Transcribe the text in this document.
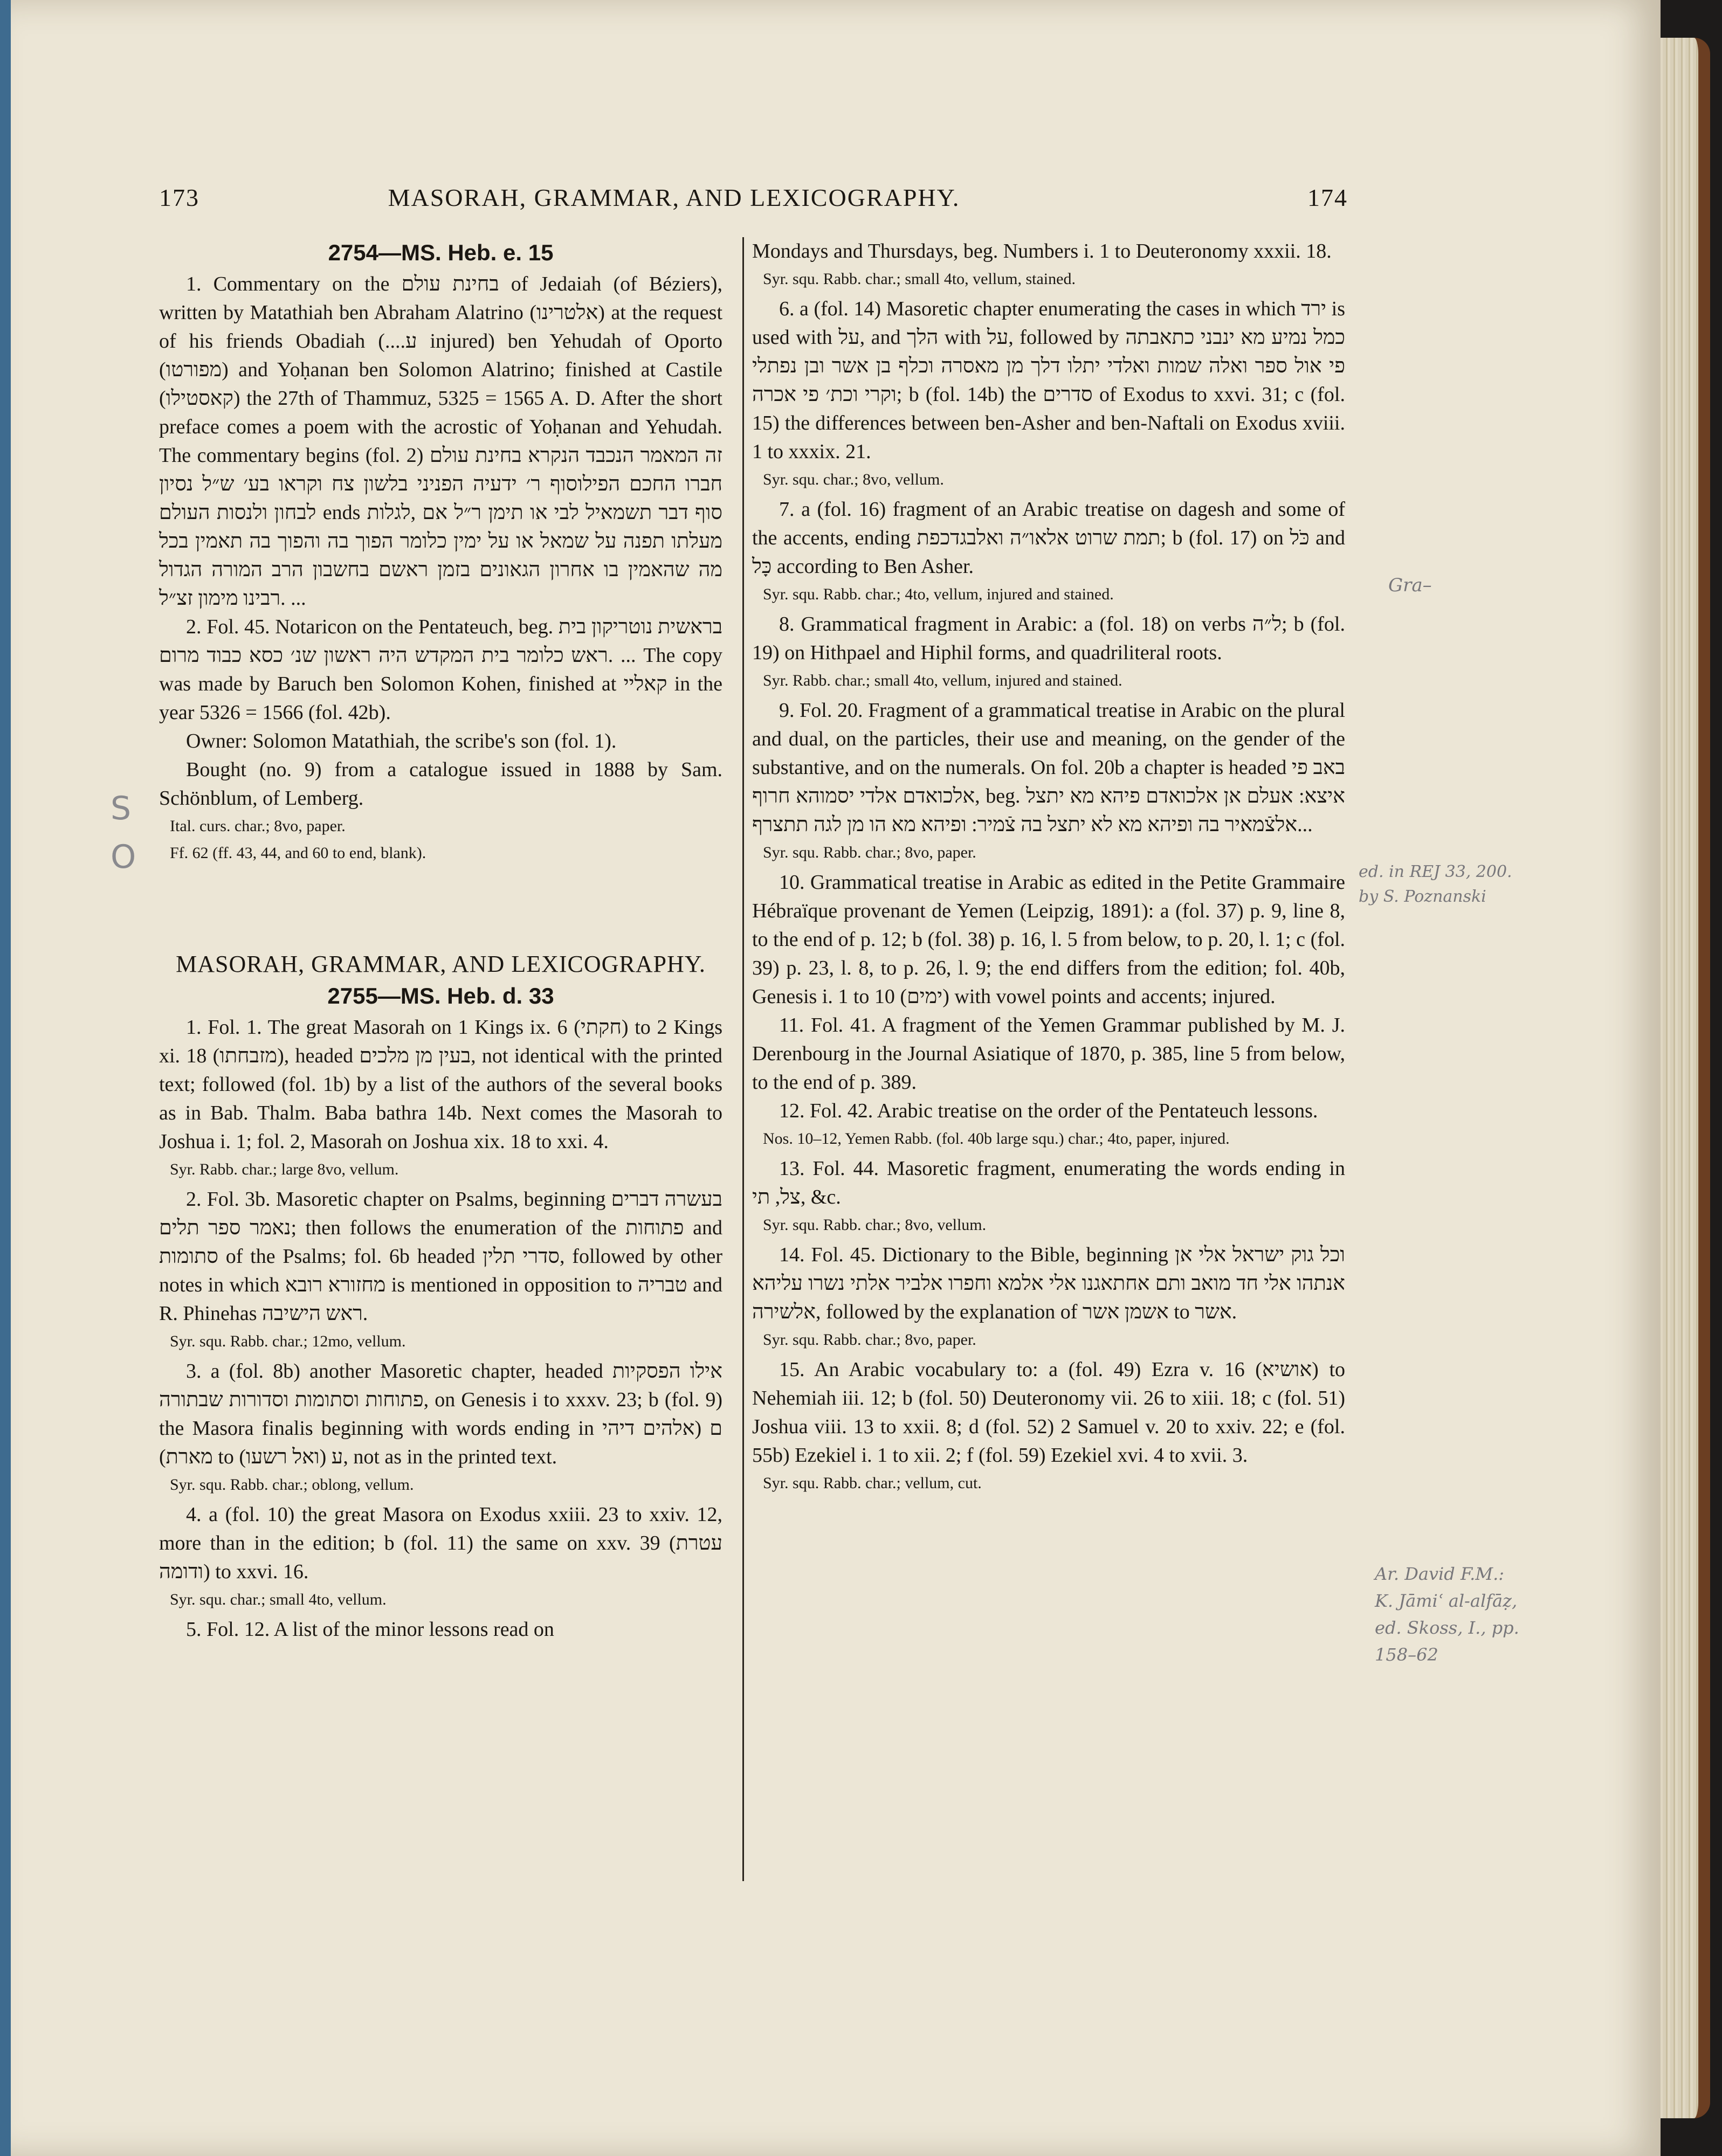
173	MASORAH, GRAMMAR, AND LEXICOGRAPHY.	174

2754—MS. Heb. e. 15

1. Commentary on the בחינת עולם of Jedaiah (of Béziers), written by Matathiah ben Abraham Alatrino (אלטרינו) at the request of his friends Obadiah (....ע injured) ben Yehudah of Oporto (מפורטו) and Yoḥanan ben Solomon Alatrino; finished at Castile (קאסטילו) the 27th of Thammuz, 5325 = 1565 A. D. After the short preface comes a poem with the acrostic of Yoḥanan and Yehudah. The commentary begins (fol. 2) זה המאמר הנכבד הנקרא בחינת עולם חברו החכם הפילוסוף ר׳ ידעיה הפניני בלשון צח וקראו בע׳ ש״ל נסיון לבחון ולנסות העולם ends סוף דבר תשמאיל לבי או תימן ר״ל אם ,לגלות מעלתו תפנה על שמאל או על ימין כלומר הפוך בה והפוך בה תאמין בכל מה שהאמין בו אחרון הגאונים בזמן ראשם בחשבון הרב המורה הגדול רבינו מימון זצ״ל. ...

2. Fol. 45. Notaricon on the Pentateuch, beg. בראשית נוטריקון בית ראש כלומר בית המקדש היה ראשון שנ׳ כסא כבוד מרום. ... The copy was made by Baruch ben Solomon Kohen, finished at קאליי in the year 5326 = 1566 (fol. 42b).

Owner: Solomon Matathiah, the scribe's son (fol. 1).

Bought (no. 9) from a catalogue issued in 1888 by Sam. Schönblum, of Lemberg.

Ital. curs. char.; 8vo, paper.

Ff. 62 (ff. 43, 44, and 60 to end, blank).

MASORAH, GRAMMAR, AND LEXICOGRAPHY.

2755—MS. Heb. d. 33

1. Fol. 1. The great Masorah on 1 Kings ix. 6 (חקתי) to 2 Kings xi. 18 (מזבחתו), headed בעין מן מלכים, not identical with the printed text; followed (fol. 1b) by a list of the authors of the several books as in Bab. Thalm. Baba bathra 14b. Next comes the Masorah to Joshua i. 1; fol. 2, Masorah on Joshua xix. 18 to xxi. 4.

Syr. Rabb. char.; large 8vo, vellum.

2. Fol. 3b. Masoretic chapter on Psalms, beginning בעשרה דברים נאמר ספר תלים; then follows the enumeration of the פתוחות and סתומות of the Psalms; fol. 6b headed סדרי תלין, followed by other notes in which מחזורא רובא is mentioned in opposition to טבריה and R. Phinehas ראש הישיבה.

Syr. squ. Rabb. char.; 12mo, vellum.

3. a (fol. 8b) another Masoretic chapter, headed אילו הפסקיות פתוחות וסתומות וסדורות שבתורה, on Genesis i to xxxv. 23; b (fol. 9) the Masora finalis beginning with words ending in ם (אלהים דיהי מארת) to ע (ואל רשעו), not as in the printed text.

Syr. squ. Rabb. char.; oblong, vellum.

4. a (fol. 10) the great Masora on Exodus xxiii. 23 to xxiv. 12, more than in the edition; b (fol. 11) the same on xxv. 39 (עטרת ודומה) to xxvi. 16.

Syr. squ. char.; small 4to, vellum.

5. Fol. 12. A list of the minor lessons read on

Mondays and Thursdays, beg. Numbers i. 1 to Deuteronomy xxxii. 18.

Syr. squ. Rabb. char.; small 4to, vellum, stained.

6. a (fol. 14) Masoretic chapter enumerating the cases in which ירד is used with על, and הלך with על, followed by כמל נמיע מא ינבני כתאבתה פי אול ספר ואלה שמות ואלדי יתלו דלך מן מאסרה וכלף בן אשר ובן נפתלי וקרי וכת׳ פי אכרה; b (fol. 14b) the סדרים of Exodus to xxvi. 31; c (fol. 15) the differences between ben-Asher and ben-Naftali on Exodus xviii. 1 to xxxix. 21.

Syr. squ. char.; 8vo, vellum.

7. a (fol. 16) fragment of an Arabic treatise on dagesh and some of the accents, ending תמת שרוט אלאו״ה ואלבגדכפת; b (fol. 17) on כֹּל and כָּל according to Ben Asher.

Syr. squ. Rabb. char.; 4to, vellum, injured and stained.

8. Grammatical fragment in Arabic: a (fol. 18) on verbs ל״ה; b (fol. 19) on Hithpael and Hiphil forms, and quadriliteral roots.

Syr. Rabb. char.; small 4to, vellum, injured and stained.

9. Fol. 20. Fragment of a grammatical treatise in Arabic on the plural and dual, on the particles, their use and meaning, on the gender of the substantive, and on the numerals. On fol. 20b a chapter is headed באב פי אלכואדם אלדי יסמוהא חרוף, beg. איצא: אעלם אן אלכואדם פיהא מא יתצל אלצֿמאיר בה ופיהא מא לא יתצל בה צֿמיר: ופיהא מא הו מן לגה תתצרף...

Syr. squ. Rabb. char.; 8vo, paper.

10. Grammatical treatise in Arabic as edited in the Petite Grammaire Hébraïque provenant de Yemen (Leipzig, 1891): a (fol. 37) p. 9, line 8, to the end of p. 12; b (fol. 38) p. 16, l. 5 from below, to p. 20, l. 1; c (fol. 39) p. 23, l. 8, to p. 26, l. 9; the end differs from the edition; fol. 40b, Genesis i. 1 to 10 (ימים) with vowel points and accents; injured.

11. Fol. 41. A fragment of the Yemen Grammar published by M. J. Derenbourg in the Journal Asiatique of 1870, p. 385, line 5 from below, to the end of p. 389.

12. Fol. 42. Arabic treatise on the order of the Pentateuch lessons.

Nos. 10–12, Yemen Rabb. (fol. 40b large squ.) char.; 4to, paper, injured.

13. Fol. 44. Masoretic fragment, enumerating the words ending in צל, תי, &c.

Syr. squ. Rabb. char.; 8vo, vellum.

14. Fol. 45. Dictionary to the Bible, beginning וכל גוק ישראל אלי אן אנתהו אלי חד מואב ותם אחתאגנו אלי אלמא וחפרו אלביר אלתי נשרו עליהא אלשירה, followed by the explanation of אשמן אשר to אשר.

Syr. squ. Rabb. char.; 8vo, paper.

15. An Arabic vocabulary to: a (fol. 49) Ezra v. 16 (אושיא) to Nehemiah iii. 12; b (fol. 50) Deuteronomy vii. 26 to xiii. 18; c (fol. 51) Joshua viii. 13 to xxii. 8; d (fol. 52) 2 Samuel v. 20 to xxiv. 22; e (fol. 55b) Ezekiel i. 1 to xii. 2; f (fol. 59) Ezekiel xvi. 4 to xvii. 3.

Syr. squ. Rabb. char.; vellum, cut.

Gra–
ed. in REJ 33, 200.
by S. Poznanski
Ar. David F.M.:
K. Jāmiʿ al-alfāẓ,
ed. Skoss, I., pp.
158–62
S
O
